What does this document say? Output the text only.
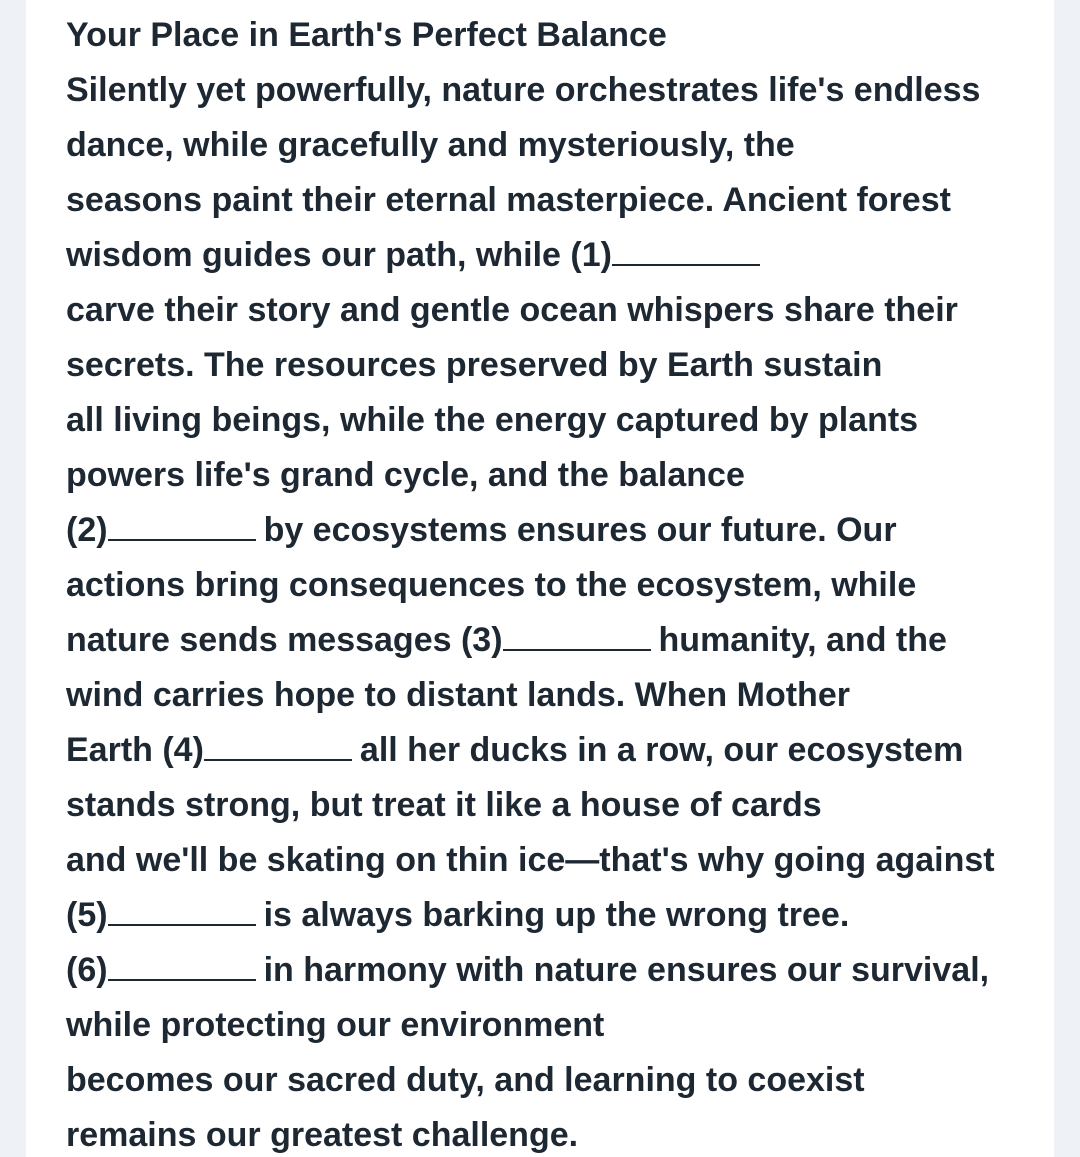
Your Place in Earth's Perfect Balance
Silently yet powerfully, nature orchestrates life's endless
dance, while gracefully and mysteriously, the
seasons paint their eternal masterpiece. Ancient forest
wisdom guides our path, while (1)
carve their story and gentle ocean whispers share their
secrets. The resources preserved by Earth sustain
all living beings, while the energy captured by plants
powers life's grand cycle, and the balance
(2)	by ecosystems ensures our future. Our
actions bring consequences to the ecosystem, while
nature sends messages (3)	humanity, and the
wind carries hope to distant lands. When Mother
Earth (4)	all her ducks in a row, our ecosystem
stands strong, but treat it like a house of cards
and we'll be skating on thin ice—that's why going against
(5)	is always barking up the wrong tree.
(6)	in harmony with nature ensures our survival,
while protecting our environment
becomes our sacred duty, and learning to coexist
remains our greatest challenge.
